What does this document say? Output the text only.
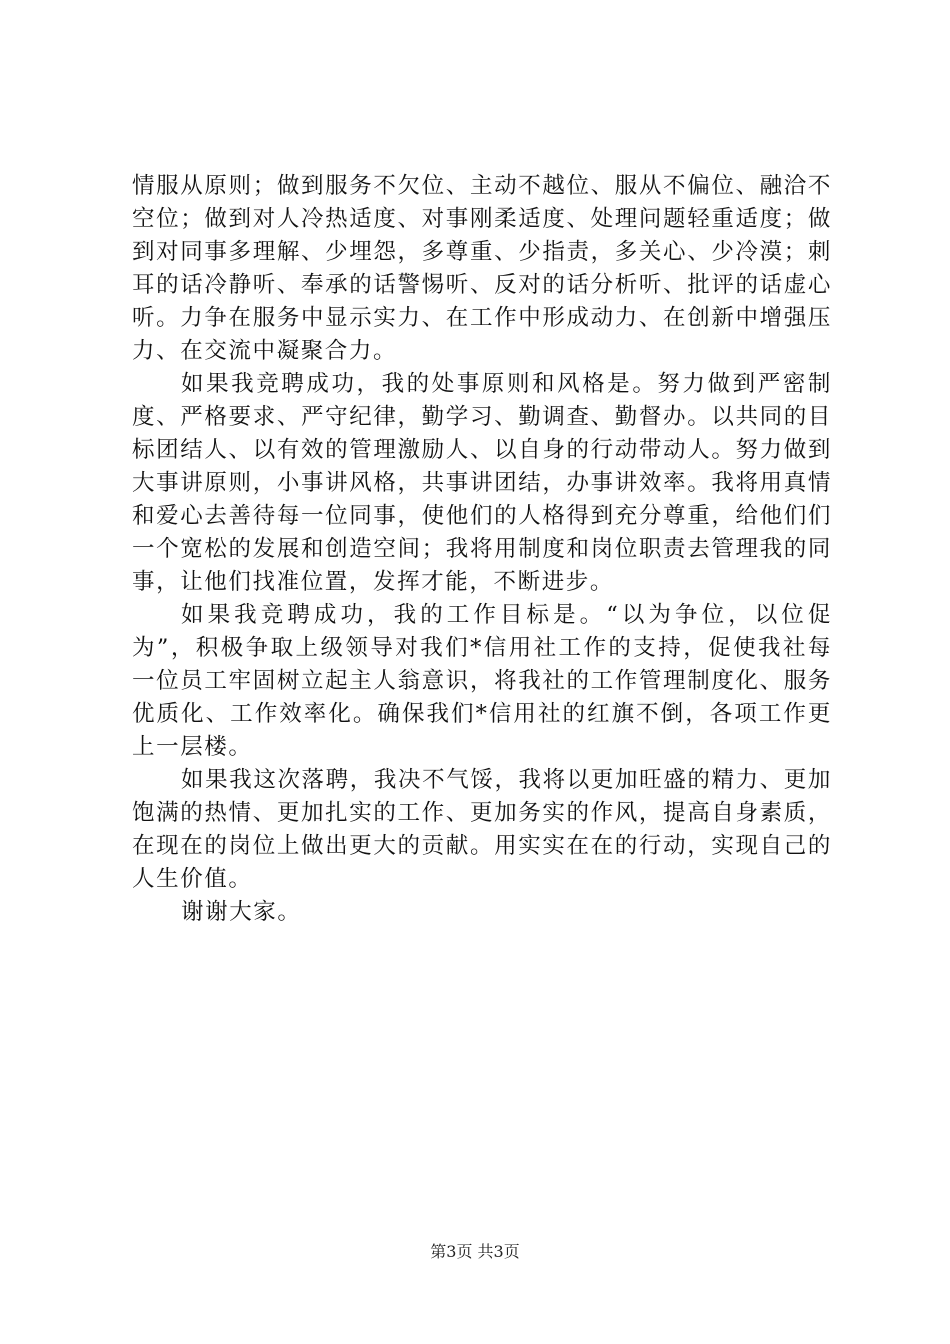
情服从原则；做到服务不欠位、主动不越位、服从不偏位、融洽不空位；做到对人冷热适度、对事刚柔适度、处理问题轻重适度；做到对同事多理解、少埋怨，多尊重、少指责，多关心、少冷漠；刺耳的话冷静听、奉承的话警惕听、反对的话分析听、批评的话虚心听。力争在服务中显示实力、在工作中形成动力、在创新中增强压力、在交流中凝聚合力。

如果我竞聘成功，我的处事原则和风格是。努力做到严密制度、严格要求、严守纪律，勤学习、勤调查、勤督办。以共同的目标团结人、以有效的管理激励人、以自身的行动带动人。努力做到大事讲原则，小事讲风格，共事讲团结，办事讲效率。我将用真情和爱心去善待每一位同事，使他们的人格得到充分尊重，给他们们一个宽松的发展和创造空间；我将用制度和岗位职责去管理我的同事，让他们找准位置，发挥才能，不断进步。

如果我竞聘成功，我的工作目标是。“以为争位，以位促为”，积极争取上级领导对我们*信用社工作的支持，促使我社每一位员工牢固树立起主人翁意识，将我社的工作管理制度化、服务优质化、工作效率化。确保我们*信用社的红旗不倒，各项工作更上一层楼。

如果我这次落聘，我决不气馁，我将以更加旺盛的精力、更加饱满的热情、更加扎实的工作、更加务实的作风，提高自身素质，在现在的岗位上做出更大的贡献。用实实在在的行动，实现自己的人生价值。

谢谢大家。

第3页 共3页
